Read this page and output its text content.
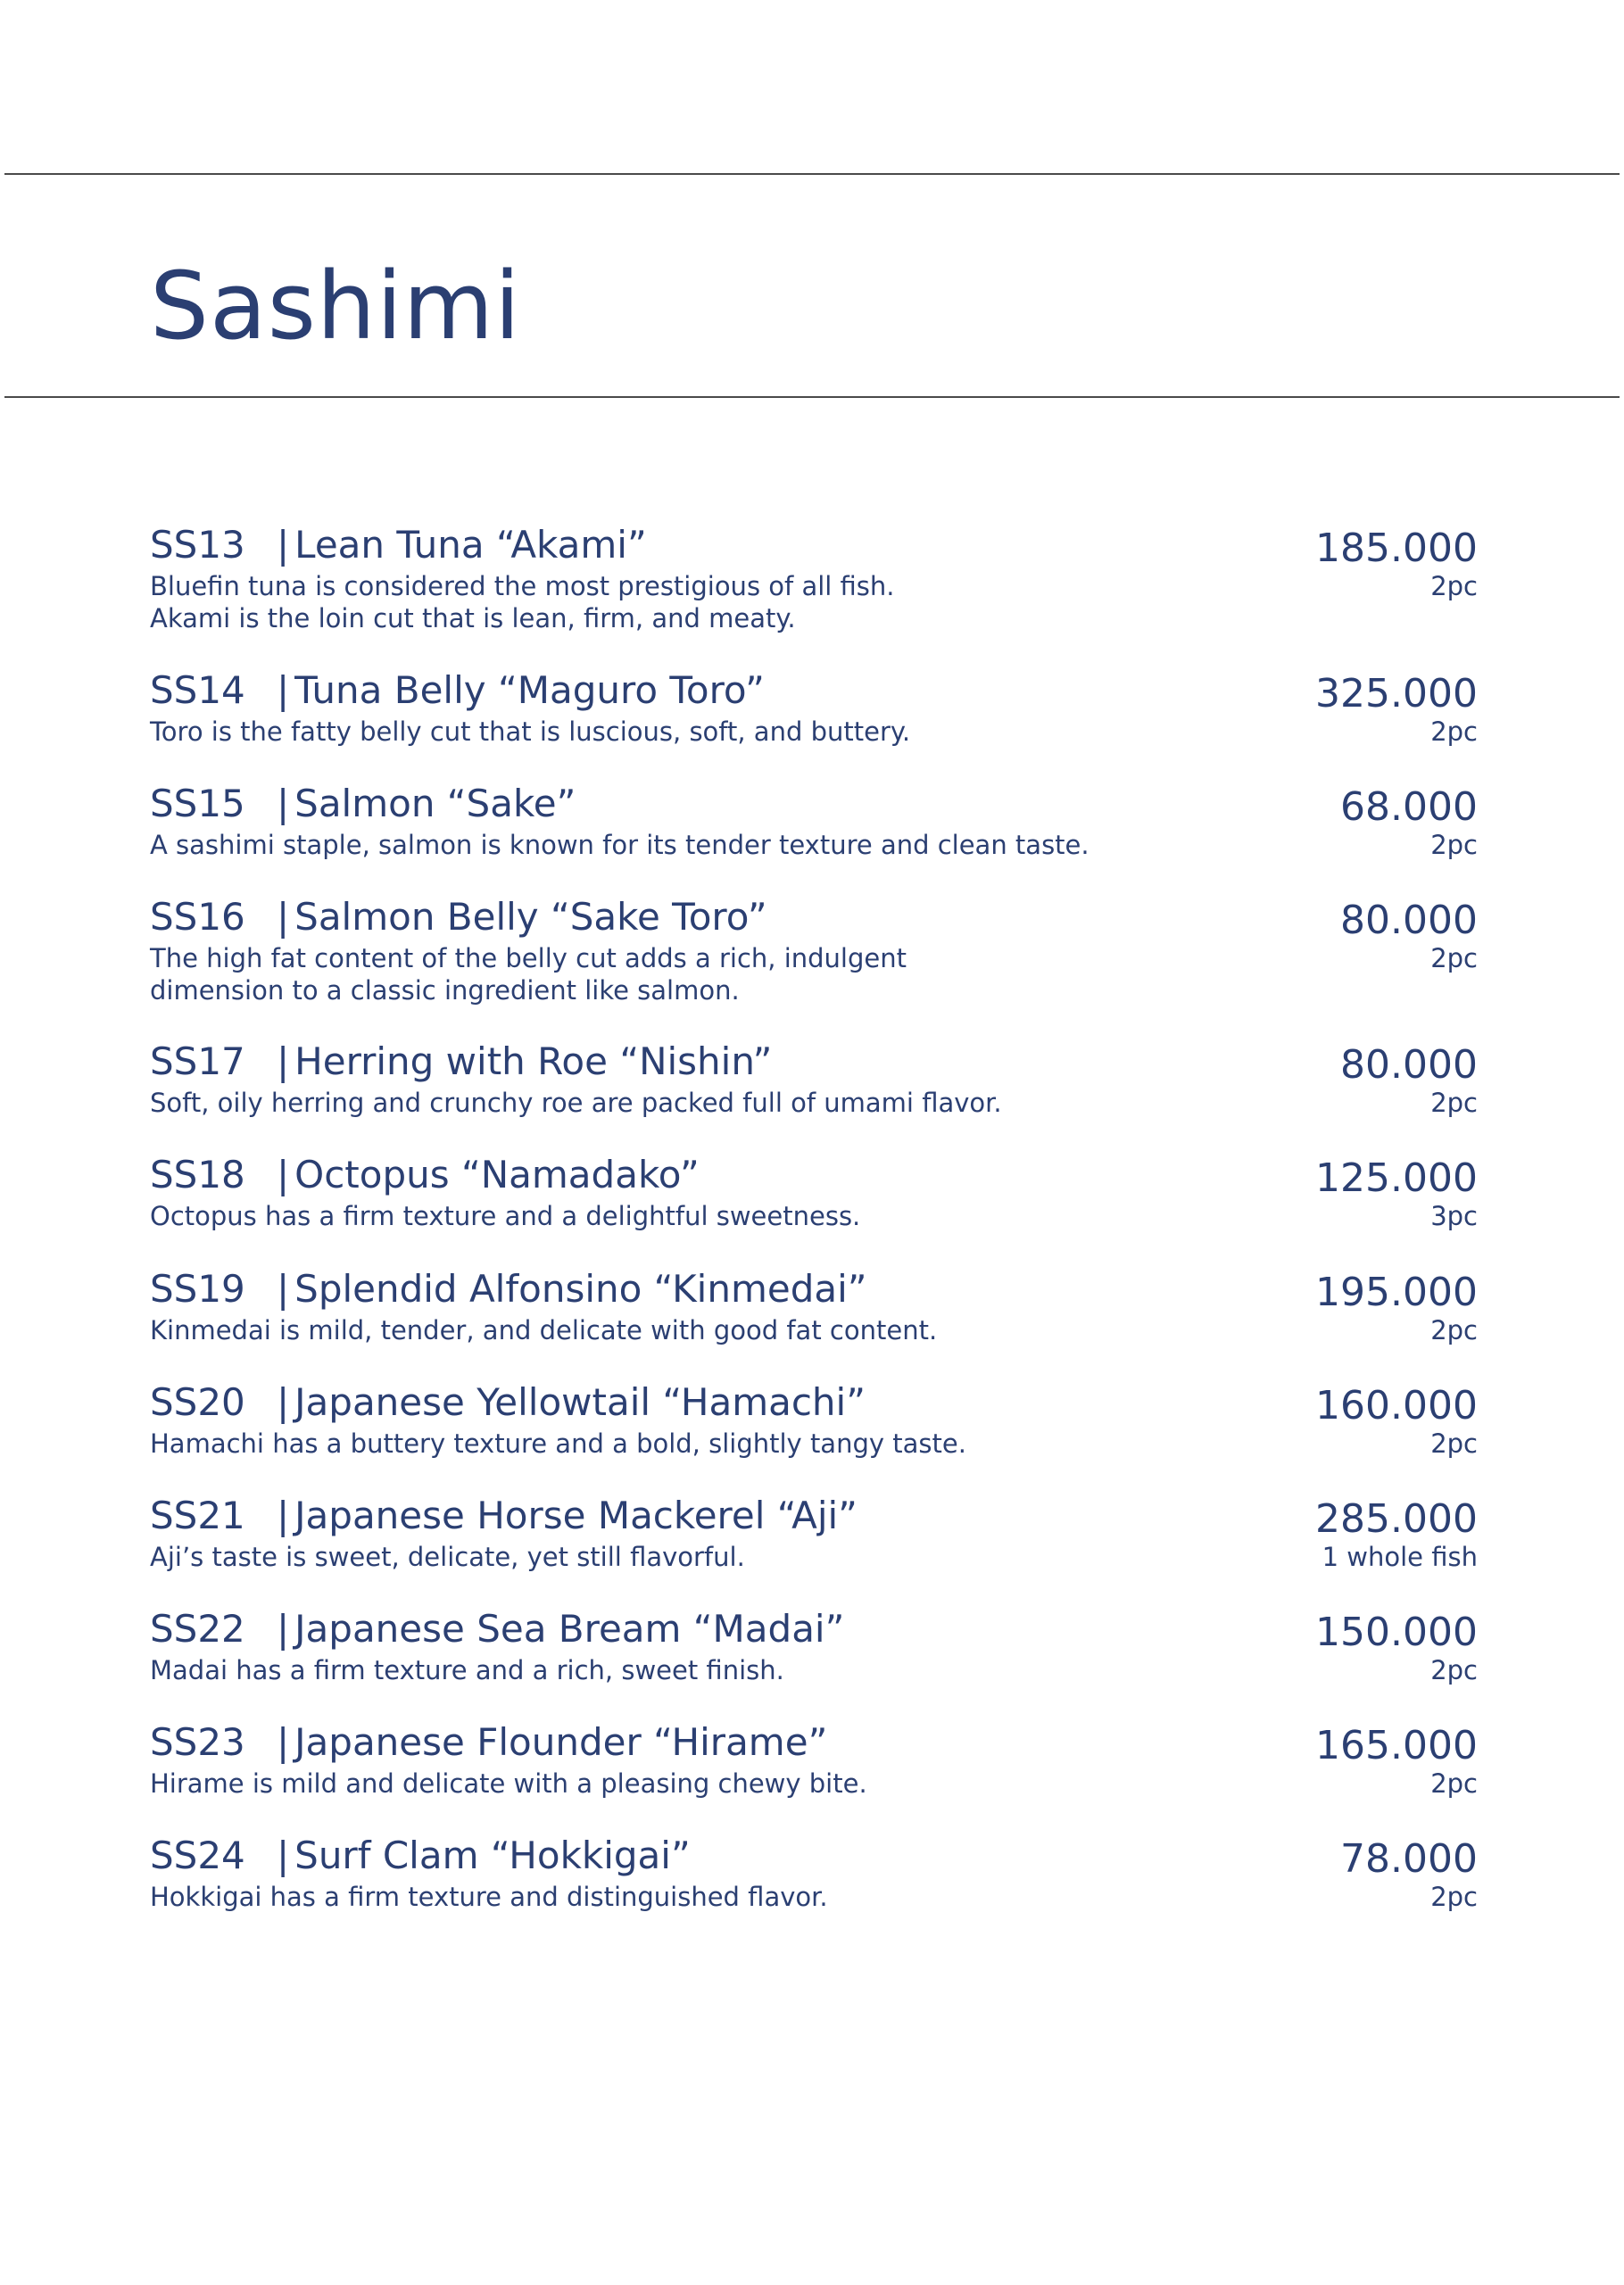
Sashimi
SS13 | Lean Tuna “Akami”
Bluefin tuna is considered the most prestigious of all fish.
Akami is the loin cut that is lean, firm, and meaty.
185.000
2pc
SS14 | Tuna Belly “Maguro Toro”
Toro is the fatty belly cut that is luscious, soft, and buttery.
325.000
2pc
SS15 | Salmon “Sake”
A sashimi staple, salmon is known for its tender texture and clean taste.
68.000
2pc
SS16 | Salmon Belly “Sake Toro”
The high fat content of the belly cut adds a rich, indulgent
dimension to a classic ingredient like salmon.
80.000
2pc
SS17 | Herring with Roe “Nishin”
Soft, oily herring and crunchy roe are packed full of umami flavor.
80.000
2pc
SS18 | Octopus “Namadako”
Octopus has a firm texture and a delightful sweetness.
125.000
3pc
SS19 | Splendid Alfonsino “Kinmedai”
Kinmedai is mild, tender, and delicate with good fat content.
195.000
2pc
SS20 | Japanese Yellowtail “Hamachi”
Hamachi has a buttery texture and a bold, slightly tangy taste.
160.000
2pc
SS21 | Japanese Horse Mackerel “Aji”
Aji’s taste is sweet, delicate, yet still flavorful.
285.000
1 whole fish
SS22 | Japanese Sea Bream “Madai”
Madai has a firm texture and a rich, sweet finish.
150.000
2pc
SS23 | Japanese Flounder “Hirame”
Hirame is mild and delicate with a pleasing chewy bite.
165.000
2pc
SS24 | Surf Clam “Hokkigai”
Hokkigai has a firm texture and distinguished flavor.
78.000
2pc
